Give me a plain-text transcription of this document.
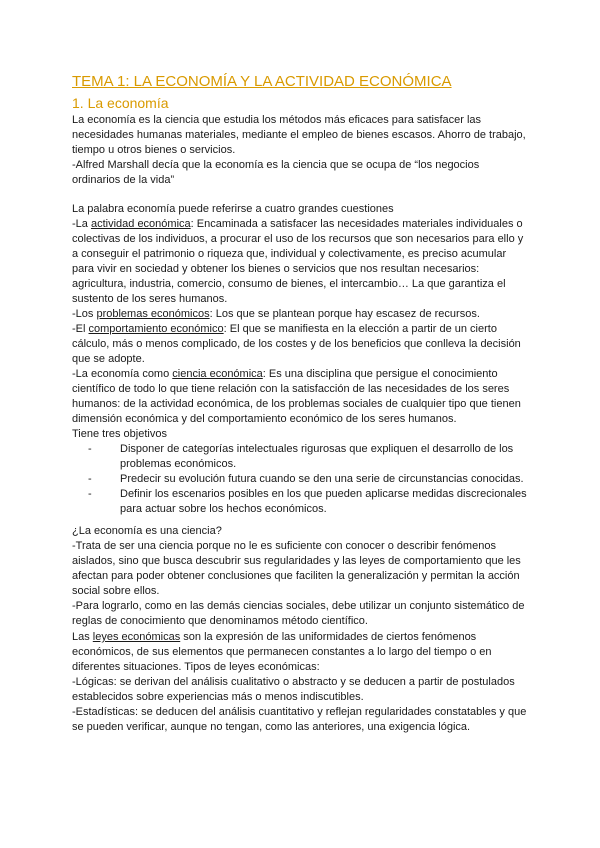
TEMA 1: LA ECONOMÍA Y LA ACTIVIDAD ECONÓMICA
1. La economía

La economía es la ciencia que estudia los métodos más eficaces para satisfacer las necesidades humanas materiales, mediante el empleo de bienes escasos. Ahorro de trabajo, tiempo u otros bienes o servicios.

-Alfred Marshall decía que la economía es la ciencia que se ocupa de “los negocios ordinarios de la vida”

La palabra economía puede referirse a cuatro grandes cuestiones

-La actividad económica: Encaminada a satisfacer las necesidades materiales individuales o colectivas de los individuos, a procurar el uso de los recursos que son necesarios para ello y a conseguir el patrimonio o riqueza que, individual y colectivamente, es preciso acumular para vivir en sociedad y obtener los bienes o servicios que nos resultan necesarios: agricultura, industria, comercio, consumo de bienes, el intercambio… La que garantiza el sustento de los seres humanos.

-Los problemas económicos: Los que se plantean porque hay escasez de recursos.

-El comportamiento económico: El que se manifiesta en la elección a partir de un cierto cálculo, más o menos complicado, de los costes y de los beneficios que conlleva la decisión que se adopte.

-La economía como ciencia económica: Es una disciplina que persigue el conocimiento científico de todo lo que tiene relación con la satisfacción de las necesidades de los seres humanos: de la actividad económica, de los problemas sociales de cualquier tipo que tienen dimensión económica y del comportamiento económico de los seres humanos.

Tiene tres objetivos

-	Disponer de categorías intelectuales rigurosas que expliquen el desarrollo de los problemas económicos.
-	Predecir su evolución futura cuando se den una serie de circunstancias conocidas.
-	Definir los escenarios posibles en los que pueden aplicarse medidas discrecionales para actuar sobre los hechos económicos.

¿La economía es una ciencia?

-Trata de ser una ciencia porque no le es suficiente con conocer o describir fenómenos aislados, sino que busca descubrir sus regularidades y las leyes de comportamiento que les afectan para poder obtener conclusiones que faciliten la generalización y permitan la acción social sobre ellos.

-Para lograrlo, como en las demás ciencias sociales, debe utilizar un conjunto sistemático de reglas de conocimiento que denominamos método científico.

Las leyes económicas son la expresión de las uniformidades de ciertos fenómenos económicos, de sus elementos que permanecen constantes a lo largo del tiempo o en diferentes situaciones. Tipos de leyes económicas:

-Lógicas: se derivan del análisis cualitativo o abstracto y se deducen a partir de postulados establecidos sobre experiencias más o menos indiscutibles.

-Estadísticas: se deducen del análisis cuantitativo y reflejan regularidades constatables y que se pueden verificar, aunque no tengan, como las anteriores, una exigencia lógica.
